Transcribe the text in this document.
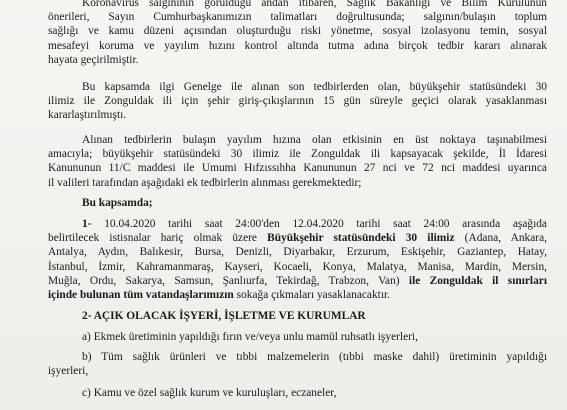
Koronavirüs salgınının görüldüğü andan itibaren, Sağlık Bakanlığı ve Bilim Kurulunun
önerileri, Sayın Cumhurbaşkanımızın talimatları doğrultusunda; salgının/bulaşın toplum
sağlığı ve kamu düzeni açısından oluşturduğu riski yönetme, sosyal izolasyonu temin, sosyal
mesafeyi koruma ve yayılım hızını kontrol altında tutma adına birçok tedbir kararı alınarak
hayata geçirilmiştir.
Bu kapsamda ilgi Genelge ile alınan son tedbirlerden olan, büyükşehir statüsündeki 30
ilimiz ile Zonguldak ili için şehir giriş-çıkışlarının 15 gün süreyle geçici olarak yasaklanması
kararlaştırılmıştı.
Alınan tedbirlerin bulaşın yayılım hızına olan etkisinin en üst noktaya taşınabilmesi
amacıyla; büyükşehir statüsündeki 30 ilimiz ile Zonguldak ili kapsayacak şekilde, İl İdaresi
Kanununun 11/C maddesi ile Umumi Hıfzıssıhha Kanununun 27 nci ve 72 nci maddesi uyarınca
il valileri tarafından aşağıdaki ek tedbirlerin alınması gerekmektedir;
Bu kapsamda;
1- 10.04.2020 tarihi saat 24:00'den 12.04.2020 tarihi saat 24:00 arasında aşağıda
belirtilecek istisnalar hariç olmak üzere Büyükşehir statüsündeki 30 ilimiz (Adana, Ankara,
Antalya, Aydın, Balıkesir, Bursa, Denizli, Diyarbakır, Erzurum, Eskişehir, Gaziantep, Hatay,
İstanbul, İzmir, Kahramanmaraş, Kayseri, Kocaeli, Konya, Malatya, Manisa, Mardin, Mersin,
Muğla, Ordu, Sakarya, Samsun, Şanlıurfa, Tekirdağ, Trabzon, Van) ile Zonguldak il sınırları
içinde bulunan tüm vatandaşlarımızın sokağa çıkmaları yasaklanacaktır.
2- AÇIK OLACAK İŞYERİ, İŞLETME VE KURUMLAR
a) Ekmek üretiminin yapıldığı fırın ve/veya unlu mamül ruhsatlı işyerleri,
b) Tüm sağlık ürünleri ve tıbbi malzemelerin (tıbbi maske dahil) üretiminin yapıldığı
işyerleri,
c) Kamu ve özel sağlık kurum ve kuruluşları, eczaneler,
